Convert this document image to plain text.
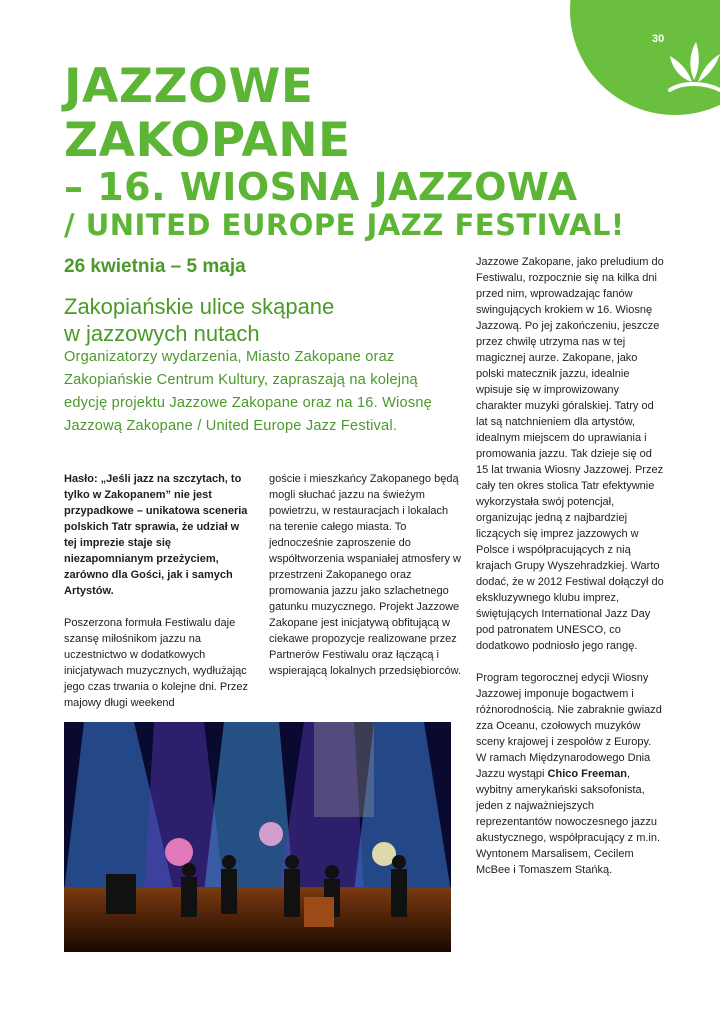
30
JAZZOWE
ZAKOPANE
– 16. WIOSNA JAZZOWA
/ UNITED EUROPE JAZZ FESTIVAL!
26 kwietnia – 5 maja
Zakopiańskie ulice skąpane
w jazzowych nutach
Organizatorzy wydarzenia, Miasto Zakopane oraz Zakopiańskie Centrum Kultury, zapraszają na kolejną edycję projektu Jazzowe Zakopane oraz na 16. Wiosnę Jazzową Zakopane / United Europe Jazz Festival.

Hasło: „Jeśli jazz na szczytach, to tylko w Zakopanem” nie jest przypadkowe – unikatowa sceneria polskich Tatr sprawia, że udział w tej imprezie staje się niezapomnianym przeżyciem, zarówno dla Gości, jak i samych Artystów.

Poszerzona formuła Festiwalu daje szansę miłośnikom jazzu na uczestnictwo w dodatkowych inicjatywach muzycznych, wydłużając jego czas trwania o kolejne dni. Przez majowy długi weekend

goście i mieszkańcy Zakopanego będą mogli słuchać jazzu na świeżym powietrzu, w restauracjach i lokalach na terenie całego miasta. To jednocześnie zaproszenie do współtworzenia wspaniałej atmosfery w przestrzeni Zakopanego oraz promowania jazzu jako szlachetnego gatunku muzycznego. Projekt Jazzowe Zakopane jest inicjatywą obfitującą w ciekawe propozycje realizowane przez Partnerów Festiwalu oraz łączącą i wspierającą lokalnych przedsiębiorców.

Jazzowe Zakopane, jako preludium do Festiwalu, rozpocznie się na kilka dni przed nim, wprowadzając fanów swingujących krokiem w 16. Wiosnę Jazzową. Po jej zakończeniu, jeszcze przez chwilę utrzyma nas w tej magicznej aurze. Zakopane, jako polski matecznik jazzu, idealnie wpisuje się w improwizowany charakter muzyki góralskiej. Tatry od lat są natchnieniem dla artystów, idealnym miejscem do uprawiania i promowania jazzu. Tak dzieje się od 15 lat trwania Wiosny Jazzowej. Przez cały ten okres stolica Tatr efektywnie wykorzystała swój potencjał, organizując jedną z najbardziej liczących się imprez jazzowych w Polsce i współpracujących z nią krajach Grupy Wyszehradzkiej. Warto dodać, że w 2012 Festiwal dołączył do ekskluzywnego klubu imprez, świętujących International Jazz Day pod patronatem UNESCO, co dodatkowo podniosło jego rangę.

Program tegorocznej edycji Wiosny Jazzowej imponuje bogactwem i różnorodnością. Nie zabraknie gwiazd zza Oceanu, czołowych muzyków sceny krajowej i zespołów z Europy.

W ramach Międzynarodowego Dnia Jazzu wystąpi Chico Freeman, wybitny amerykański saksofonista, jeden z najważniejszych reprezentantów nowoczesnego jazzu akustycznego, współpracujący z m.in. Wyntonem Marsalisem, Cecilem McBee i Tomaszem Stańką.
